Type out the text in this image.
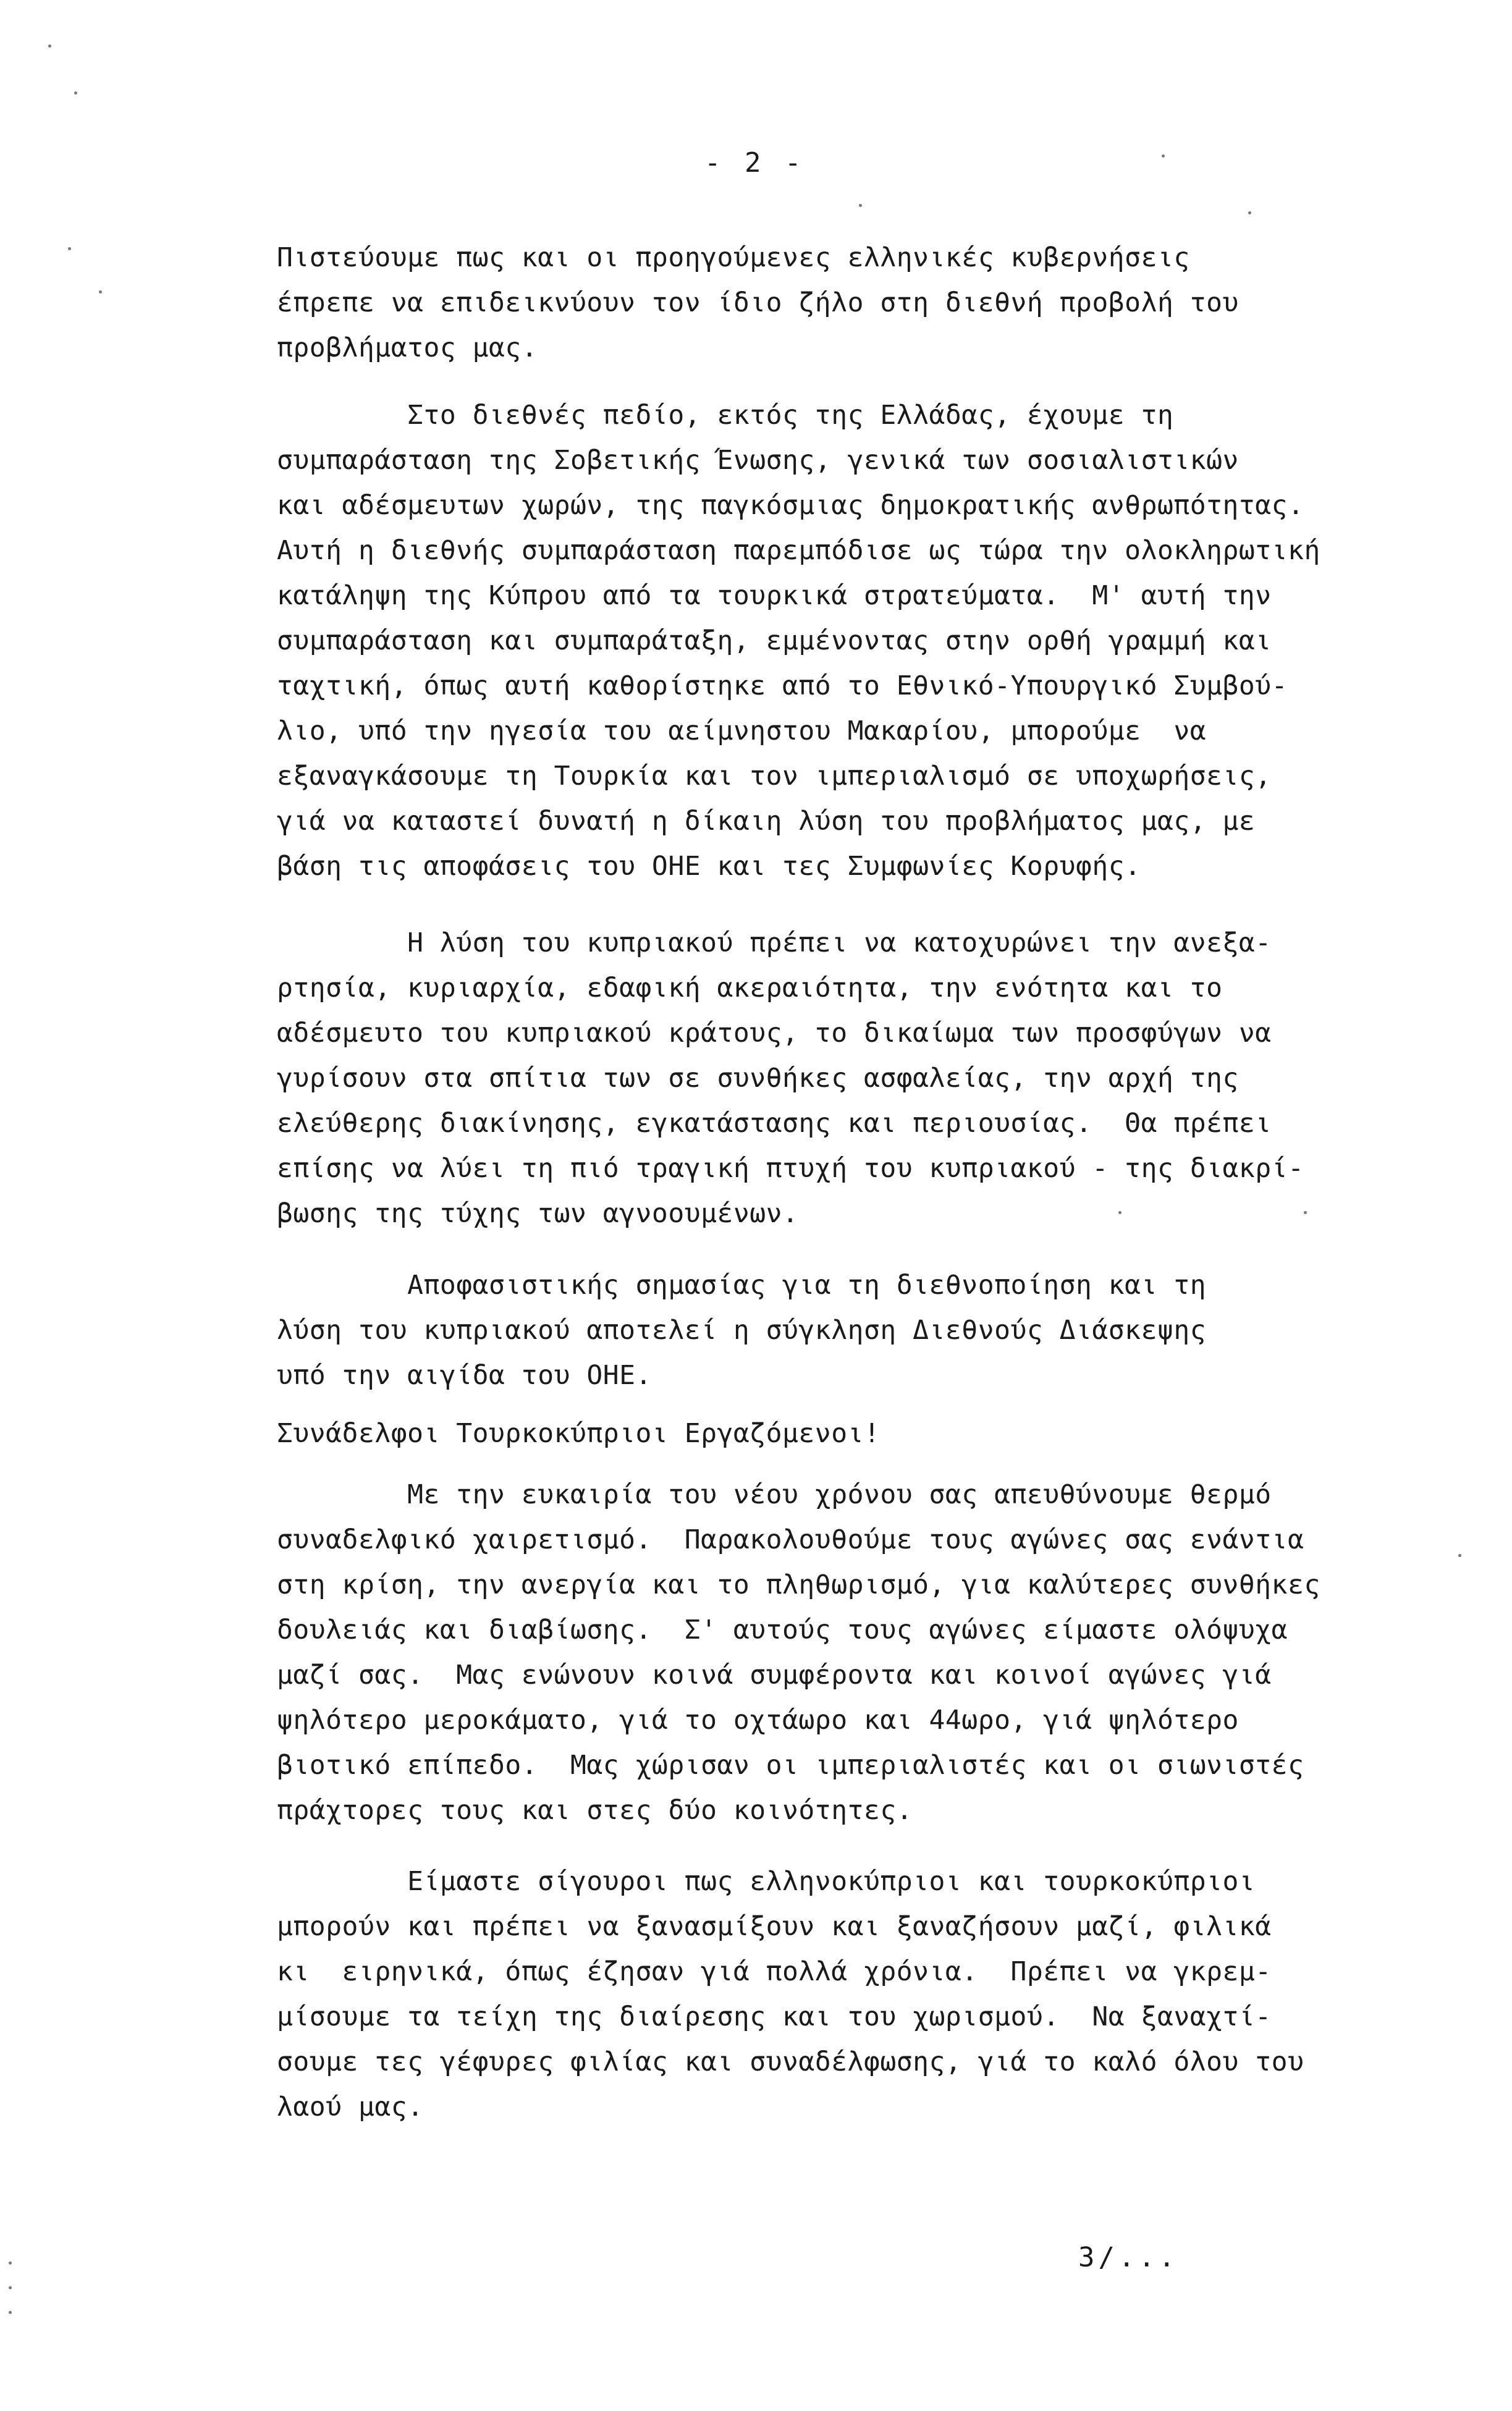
- 2 -
Πιστεύουμε πως και οι προηγούμενες ελληνικές κυβερνήσεις
έπρεπε να επιδεικνύουν τον ίδιο ζήλο στη διεθνή προβολή του
προβλήματος μας.
Στο διεθνές πεδίο, εκτός της Ελλάδας, έχουμε τη
συμπαράσταση της Σοβετικής Ένωσης, γενικά των σοσιαλιστικών
και αδέσμευτων χωρών, της παγκόσμιας δημοκρατικής ανθρωπότητας.
Αυτή η διεθνής συμπαράσταση παρεμπόδισε ως τώρα την ολοκληρωτική
κατάληψη της Κύπρου από τα τουρκικά στρατεύματα.  Μ' αυτή την
συμπαράσταση και συμπαράταξη, εμμένοντας στην ορθή γραμμή και
ταχτική, όπως αυτή καθορίστηκε από το Εθνικό-Υπουργικό Συμβού-
λιο, υπό την ηγεσία του αείμνηστου Μακαρίου, μπορούμε  να
εξαναγκάσουμε τη Τουρκία και τον ιμπεριαλισμό σε υποχωρήσεις,
γιά να καταστεί δυνατή η δίκαιη λύση του προβλήματος μας, με
βάση τις αποφάσεις του ΟΗΕ και τες Συμφωνίες Κορυφής.
Η λύση του κυπριακού πρέπει να κατοχυρώνει την ανεξα-
ρτησία, κυριαρχία, εδαφική ακεραιότητα, την ενότητα και το
αδέσμευτο του κυπριακού κράτους, το δικαίωμα των προσφύγων να
γυρίσουν στα σπίτια των σε συνθήκες ασφαλείας, την αρχή της
ελεύθερης διακίνησης, εγκατάστασης και περιουσίας.  Θα πρέπει
επίσης να λύει τη πιό τραγική πτυχή του κυπριακού - της διακρί-
βωσης της τύχης των αγνοουμένων.
Αποφασιστικής σημασίας για τη διεθνοποίηση και τη
λύση του κυπριακού αποτελεί η σύγκληση Διεθνούς Διάσκεψης
υπό την αιγίδα του ΟΗΕ.
Συνάδελφοι Τουρκοκύπριοι Εργαζόμενοι!
Με την ευκαιρία του νέου χρόνου σας απευθύνουμε θερμό
συναδελφικό χαιρετισμό.  Παρακολουθούμε τους αγώνες σας ενάντια
στη κρίση, την ανεργία και το πληθωρισμό, για καλύτερες συνθήκες
δουλειάς και διαβίωσης.  Σ' αυτούς τους αγώνες είμαστε ολόψυχα
μαζί σας.  Μας ενώνουν κοινά συμφέροντα και κοινοί αγώνες γιά
ψηλότερο μεροκάματο, γιά το οχτάωρο και 44ωρο, γιά ψηλότερο
βιοτικό επίπεδο.  Μας χώρισαν οι ιμπεριαλιστές και οι σιωνιστές
πράχτορες τους και στες δύο κοινότητες.
Είμαστε σίγουροι πως ελληνοκύπριοι και τουρκοκύπριοι
μπορούν και πρέπει να ξανασμίξουν και ξαναζήσουν μαζί, φιλικά
κι  ειρηνικά, όπως έζησαν γιά πολλά χρόνια.  Πρέπει να γκρεμ-
μίσουμε τα τείχη της διαίρεσης και του χωρισμού.  Να ξαναχτί-
σουμε τες γέφυρες φιλίας και συναδέλφωσης, γιά το καλό όλου του
λαού μας.
3/...
